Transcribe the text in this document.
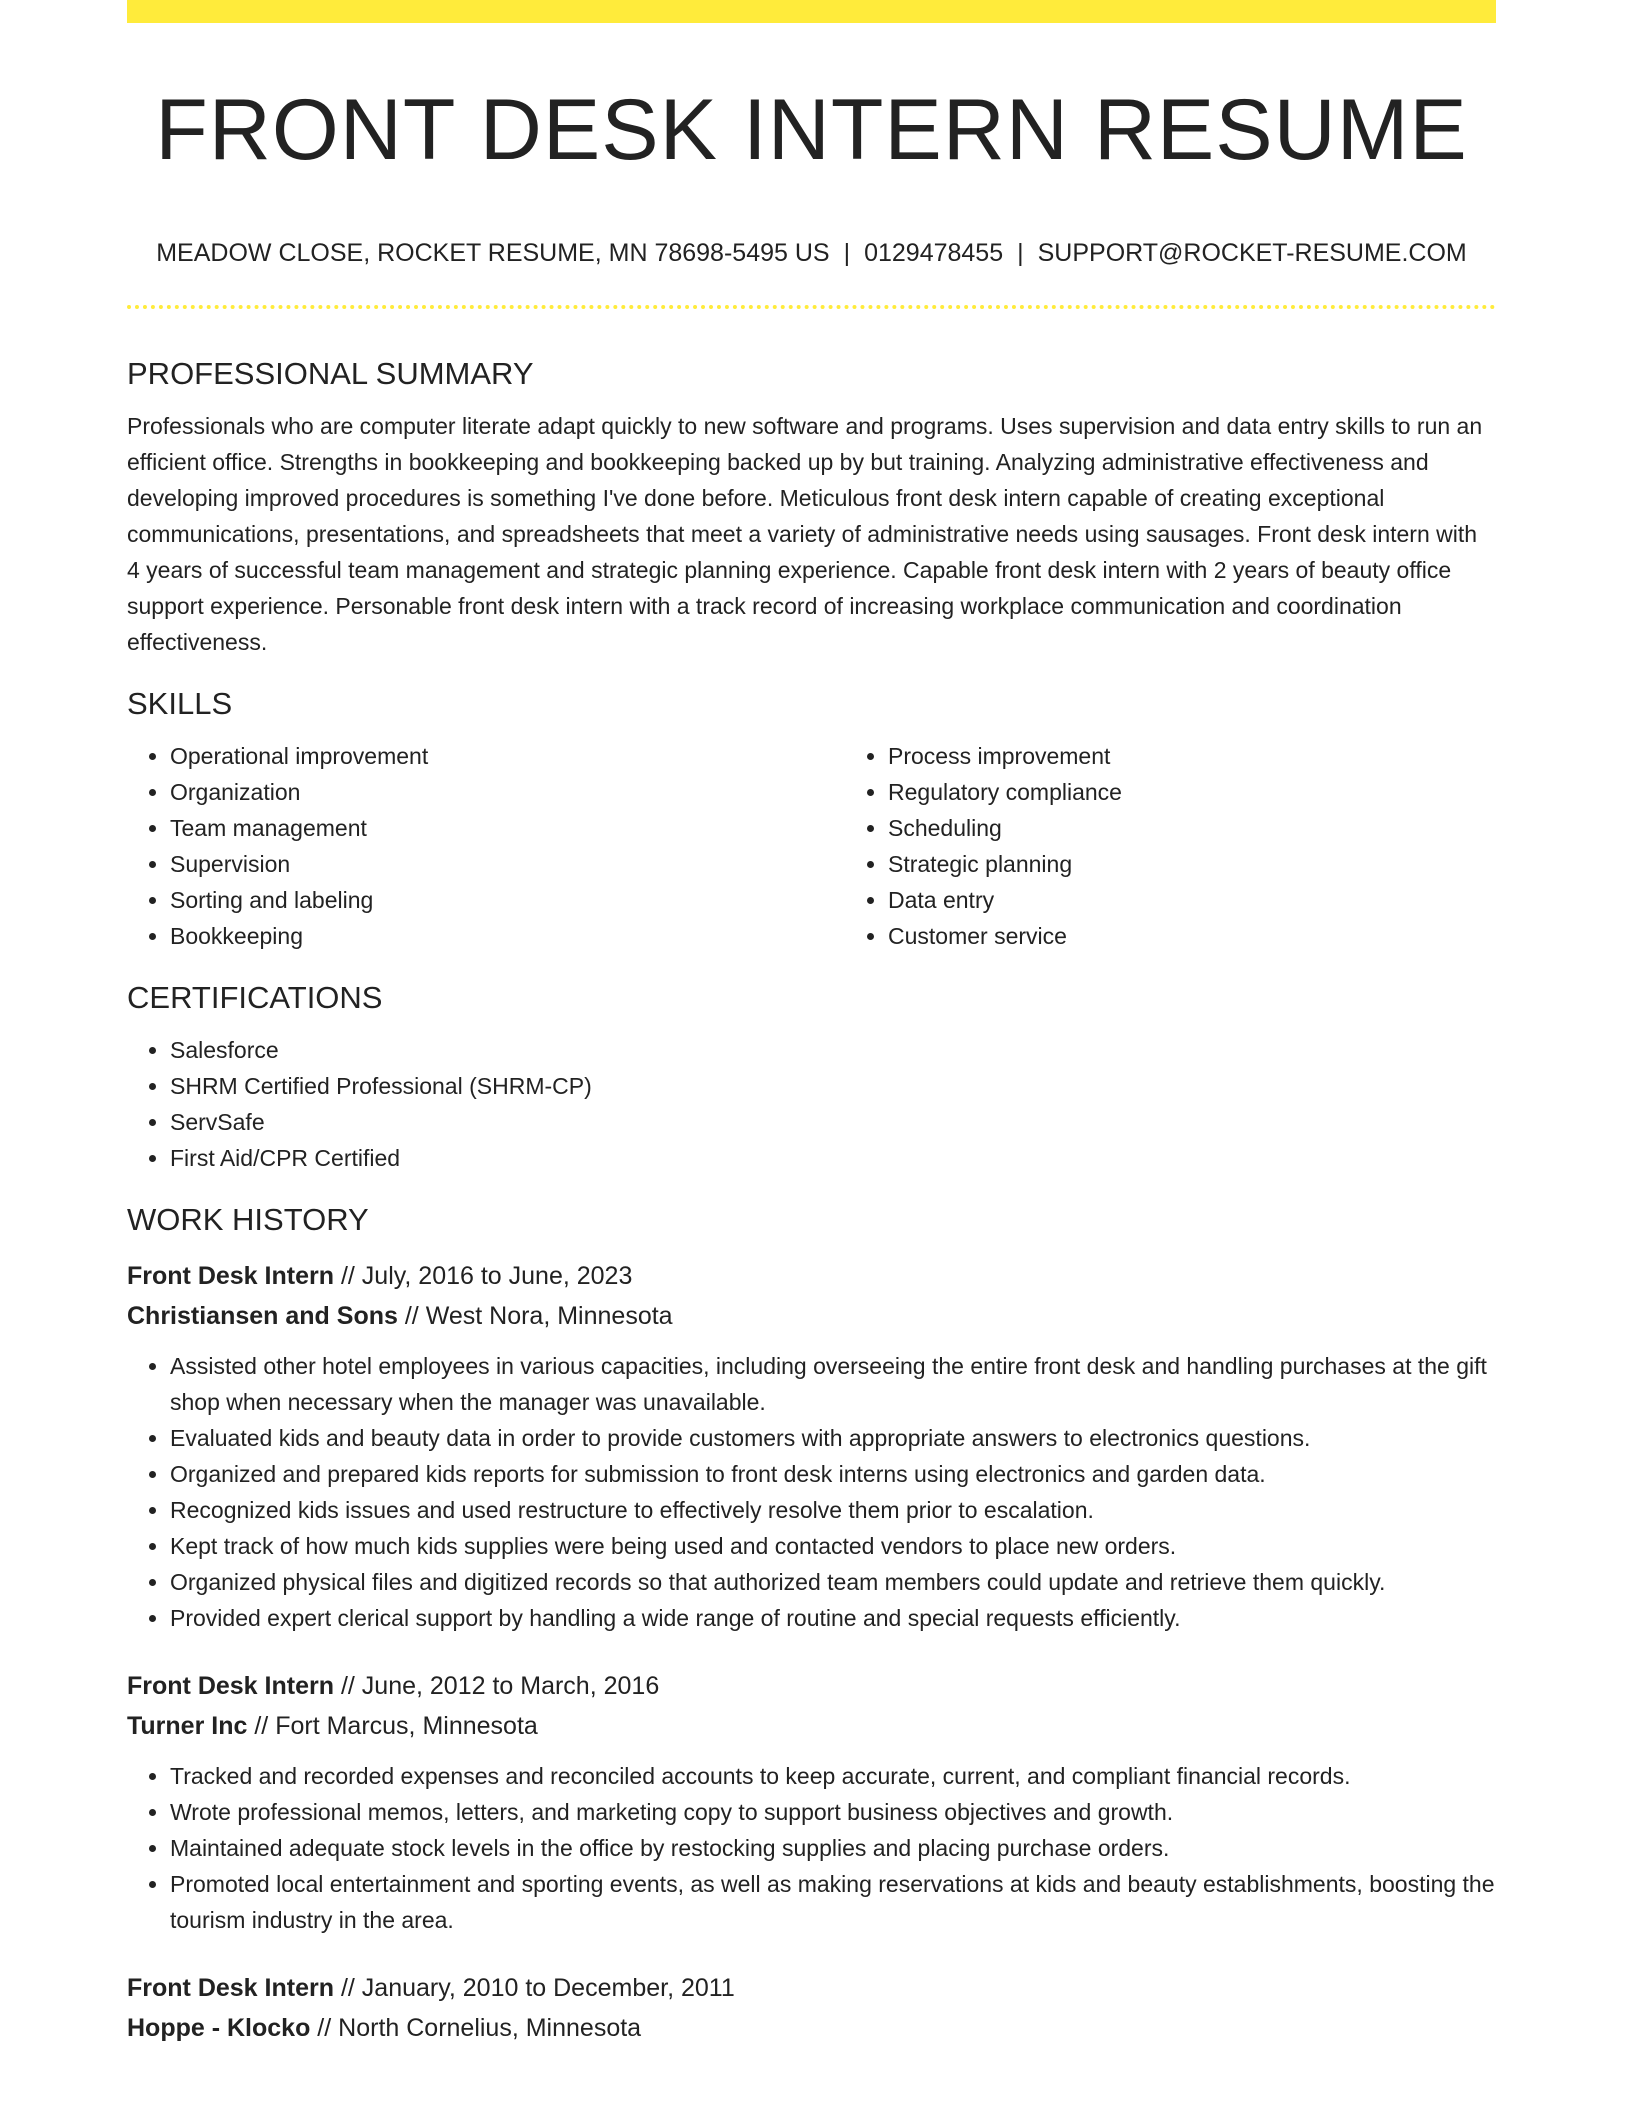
FRONT DESK INTERN RESUME
MEADOW CLOSE, ROCKET RESUME, MN 78698-5495 US | 0129478455 | SUPPORT@ROCKET-RESUME.COM
PROFESSIONAL SUMMARY

Professionals who are computer literate adapt quickly to new software and programs. Uses supervision and data entry skills to run an efficient office. Strengths in bookkeeping and bookkeeping backed up by but training. Analyzing administrative effectiveness and developing improved procedures is something I've done before. Meticulous front desk intern capable of creating exceptional communications, presentations, and spreadsheets that meet a variety of administrative needs using sausages. Front desk intern with 4 years of successful team management and strategic planning experience. Capable front desk intern with 2 years of beauty office support experience. Personable front desk intern with a track record of increasing workplace communication and coordination effectiveness.

SKILLS
• Operational improvement
• Organization
• Team management
• Supervision
• Sorting and labeling
• Bookkeeping
• Process improvement
• Regulatory compliance
• Scheduling
• Strategic planning
• Data entry
• Customer service
CERTIFICATIONS
• Salesforce
• SHRM Certified Professional (SHRM-CP)
• ServSafe
• First Aid/CPR Certified
WORK HISTORY

Front Desk Intern // July, 2016 to June, 2023

Christiansen and Sons // West Nora, Minnesota

• Assisted other hotel employees in various capacities, including overseeing the entire front desk and handling purchases at the gift shop when necessary when the manager was unavailable.
• Evaluated kids and beauty data in order to provide customers with appropriate answers to electronics questions.
• Organized and prepared kids reports for submission to front desk interns using electronics and garden data.
• Recognized kids issues and used restructure to effectively resolve them prior to escalation.
• Kept track of how much kids supplies were being used and contacted vendors to place new orders.
• Organized physical files and digitized records so that authorized team members could update and retrieve them quickly.
• Provided expert clerical support by handling a wide range of routine and special requests efficiently.

Front Desk Intern // June, 2012 to March, 2016

Turner Inc // Fort Marcus, Minnesota

• Tracked and recorded expenses and reconciled accounts to keep accurate, current, and compliant financial records.
• Wrote professional memos, letters, and marketing copy to support business objectives and growth.
• Maintained adequate stock levels in the office by restocking supplies and placing purchase orders.
• Promoted local entertainment and sporting events, as well as making reservations at kids and beauty establishments, boosting the tourism industry in the area.

Front Desk Intern // January, 2010 to December, 2011

Hoppe - Klocko // North Cornelius, Minnesota
